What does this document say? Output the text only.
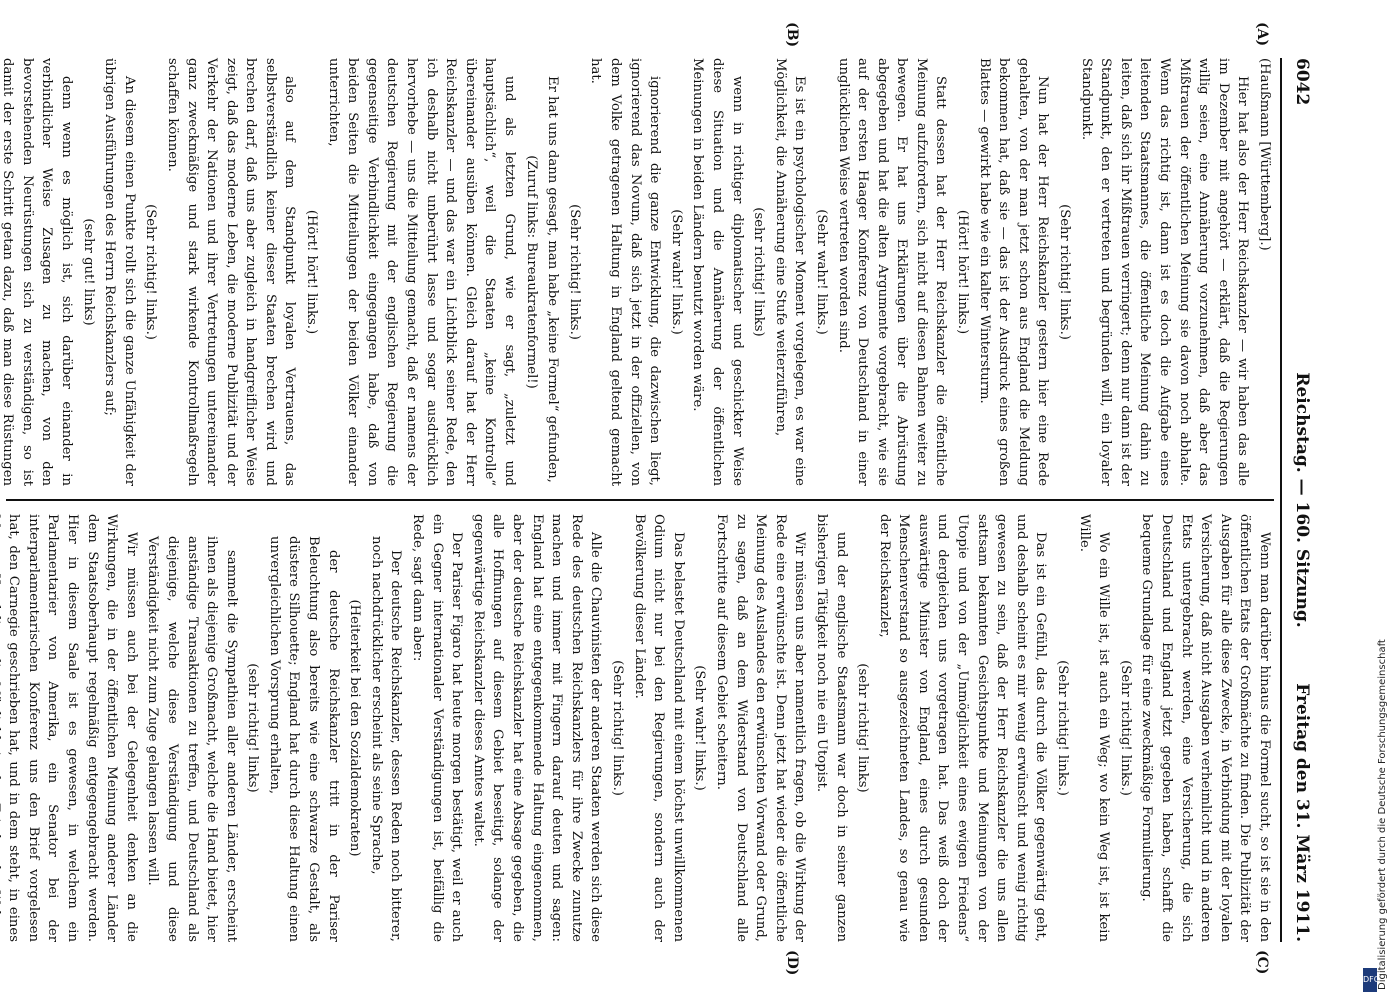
6042
Reichstag. — 160. Sitzung.
Freitag den 31. März 1911.

(Haußmann [Württemberg].)

Hier hat also der Herr Reichskanzler — wir haben das alle im Dezember mit angehört — erklärt, daß die Regierungen willig seien, eine Annäherung vorzunehmen, daß aber das Mißtrauen der öffentlichen Meinung sie davon noch abhalte. Wenn das richtig ist, dann ist es doch die Aufgabe eines leitenden Staatsmannes, die öffentliche Meinung dahin zu leiten, daß sich ihr Mißtrauen verringert; denn nur dann ist der Standpunkt, den er vertreten und begründen will, ein loyaler Standpunkt.

(Sehr richtig! links.)

Nun hat der Herr Reichskanzler gestern hier eine Rede gehalten, von der man jetzt schon aus England die Meldung bekommen hat, daß sie — das ist der Ausdruck eines großen Blattes — gewirkt habe wie ein kalter Wintersturm.

(Hört! hört! links.)

Statt dessen hat der Herr Reichskanzler die öffentliche Meinung aufzufordern, sich nicht auf diesen Bahnen weiter zu bewegen. Er hat uns Erklärungen über die Abrüstung abgegeben und hat die alten Argumente vorgebracht, wie sie auf der ersten Haager Konferenz von Deutschland in einer unglücklichen Weise vertreten worden sind.

(Sehr wahr! links.)

Es ist ein psychologischer Moment vorgelegen, es war eine Möglichkeit, die Annäherung eine Stufe weiterzuführen,

(sehr richtig! links)

wenn in richtiger diplomatischer und geschickter Weise diese Situation und die Annäherung der öffentlichen Meinungen in beiden Ländern benutzt worden wäre.

(Sehr wahr! links.)

ignorierend die ganze Entwicklung, die dazwischen liegt, ignorierend das Novum, daß sich jetzt in der offiziellen, von dem Volke getragenen Haltung in England geltend gemacht hat.

(Sehr richtig! links.)

Er hat uns dann gesagt, man habe „keine Formel“ gefunden,

(Zuruf links: Bureaukratenformel!)

und als letzten Grund, wie er sagt, „zuletzt und hauptsächlich“, weil die Staaten „keine Kontrolle“ übereinander ausüben können. Gleich darauf hat der Herr Reichskanzler — und das war ein Lichtblick seiner Rede, den ich deshalb nicht unberührt lasse und sogar ausdrücklich hervorhebe — uns die Mitteilung gemacht, daß er namens der deutschen Regierung mit der englischen Regierung die gegenseitige Verbindlichkeit eingegangen habe, daß von beiden Seiten die Mitteilungen der beiden Völker einander unterrichten,

(Hört! hört! links.)

also auf dem Standpunkt loyalen Vertrauens, das selbstverständlich keiner dieser Staaten brechen wird und brechen darf, daß uns aber zugleich in handgreiflicher Weise zeigt, daß das moderne Leben, die moderne Publizität und der Verkehr der Nationen und ihrer Vertretungen untereinander ganz zweckmäßige und stark wirkende Kontrollmaßregeln schaffen können.

(Sehr richtig! links.)

An diesem einen Punkte rollt sich die ganze Unfähigkeit der übrigen Ausführungen des Herrn Reichskanzlers auf;

(sehr gut! links)

denn wenn es möglich ist, sich darüber einander in verbindlicher Weise Zusagen zu machen, von den bevorstehenden Neurüstungen sich zu verständigen, so ist damit der erste Schritt getan dazu, daß man diese Rüstungen

Wenn man darüber hinaus die Formel sucht, so ist sie in den öffentlichen Etats der Großmächte zu finden. Die Publizität der Ausgaben für alle diese Zwecke, in Verbindung mit der loyalen Versicherung, daß nicht Ausgaben verheimlicht und in anderen Etats untergebracht werden, eine Versicherung, die sich Deutschland und England jetzt gegeben haben, schafft die bequeme Grundlage für eine zweckmäßige Formulierung.

(Sehr richtig! links.)

Wo ein Wille ist, ist auch ein Weg; wo kein Weg ist, ist kein Wille.

(Sehr richtig! links.)

Das ist ein Gefühl, das durch die Völker gegenwärtig geht, und deshalb scheint es mir wenig erwünscht und wenig richtig gewesen zu sein, daß der Herr Reichskanzler die uns allen sattsam bekannten Gesichtspunkte und Meinungen von der Utopie und von der „Unmöglichkeit eines ewigen Friedens“ und dergleichen uns vorgetragen hat. Das weiß doch der auswärtige Minister von England, eines durch gesunden Menschenverstand so ausgezeichneten Landes, so genau wie der Reichskanzler,

(sehr richtig! links)

und der englische Staatsmann war doch in seiner ganzen bisherigen Tätigkeit noch nie ein Utopist.

Wir müssen uns aber namentlich fragen, ob die Wirkung der Rede eine erwünschte ist. Denn jetzt hat wieder die öffentliche Meinung des Auslandes den erwünschten Vorwand oder Grund, zu sagen, daß an dem Widerstand von Deutschland alle Fortschritte auf diesem Gebiet scheitern.

(Sehr wahr! links.)

Das belastet Deutschland mit einem höchst unwillkommenen Odium nicht nur bei den Regierungen, sondern auch der Bevölkerung dieser Länder.

(Sehr richtig! links.)

Alle die Chauvinisten der anderen Staaten werden sich diese Rede des deutschen Reichskanzlers für ihre Zwecke zunutze machen und immer mit Fingern darauf deuten und sagen: England hat eine entgegenkommende Haltung eingenommen, aber der deutsche Reichskanzler hat eine Absage gegeben, die alle Hoffnungen auf diesem Gebiet beseitigt, solange der gegenwärtige Reichskanzler dieses Amtes waltet.

Der Pariser Figaro hat heute morgen bestätigt, weil er auch ein Gegner internationaler Verständigungen ist, beifällig die Rede, sagt dann aber:

Der deutsche Reichskanzler, dessen Reden noch bitterer, noch nachdrücklicher erscheint als seine Sprache,

(Heiterkeit bei den Sozialdemokraten)

der deutsche Reichskanzler tritt in der Pariser Beleuchtung also bereits wie eine schwarze Gestalt, als düstere Silhouette; England hat durch diese Haltung einen unvergleichlichen Vorsprung erhalten,

(sehr richtig! links)

sammelt die Sympathien aller anderen Länder, erscheint ihnen als diejenige Großmacht, welche die Hand bietet, hier anständige Transaktionen zu treffen, und Deutschland als diejenige, welche diese Verständigung und diese Verständigkeit nicht zum Zuge gelangen lassen will.

Wir müssen auch bei der Gelegenheit denken an die Wirkungen, die in der öffentlichen Meinung anderer Länder dem Staatsoberhaupt regelmäßig entgegengebracht werden. Hier in diesem Saale ist es gewesen, in welchem ein Parlamentarier von Amerika, ein Senator bei der interparlamentarischen Konferenz uns den Brief vorgelesen hat, den Carnegie geschrieben hat, und in dem steht, in eines

(A)
(B)
(C)
(D)	Digitalisierung gefördert durch die Deutsche Forschungsgemeinschaft
DFG
